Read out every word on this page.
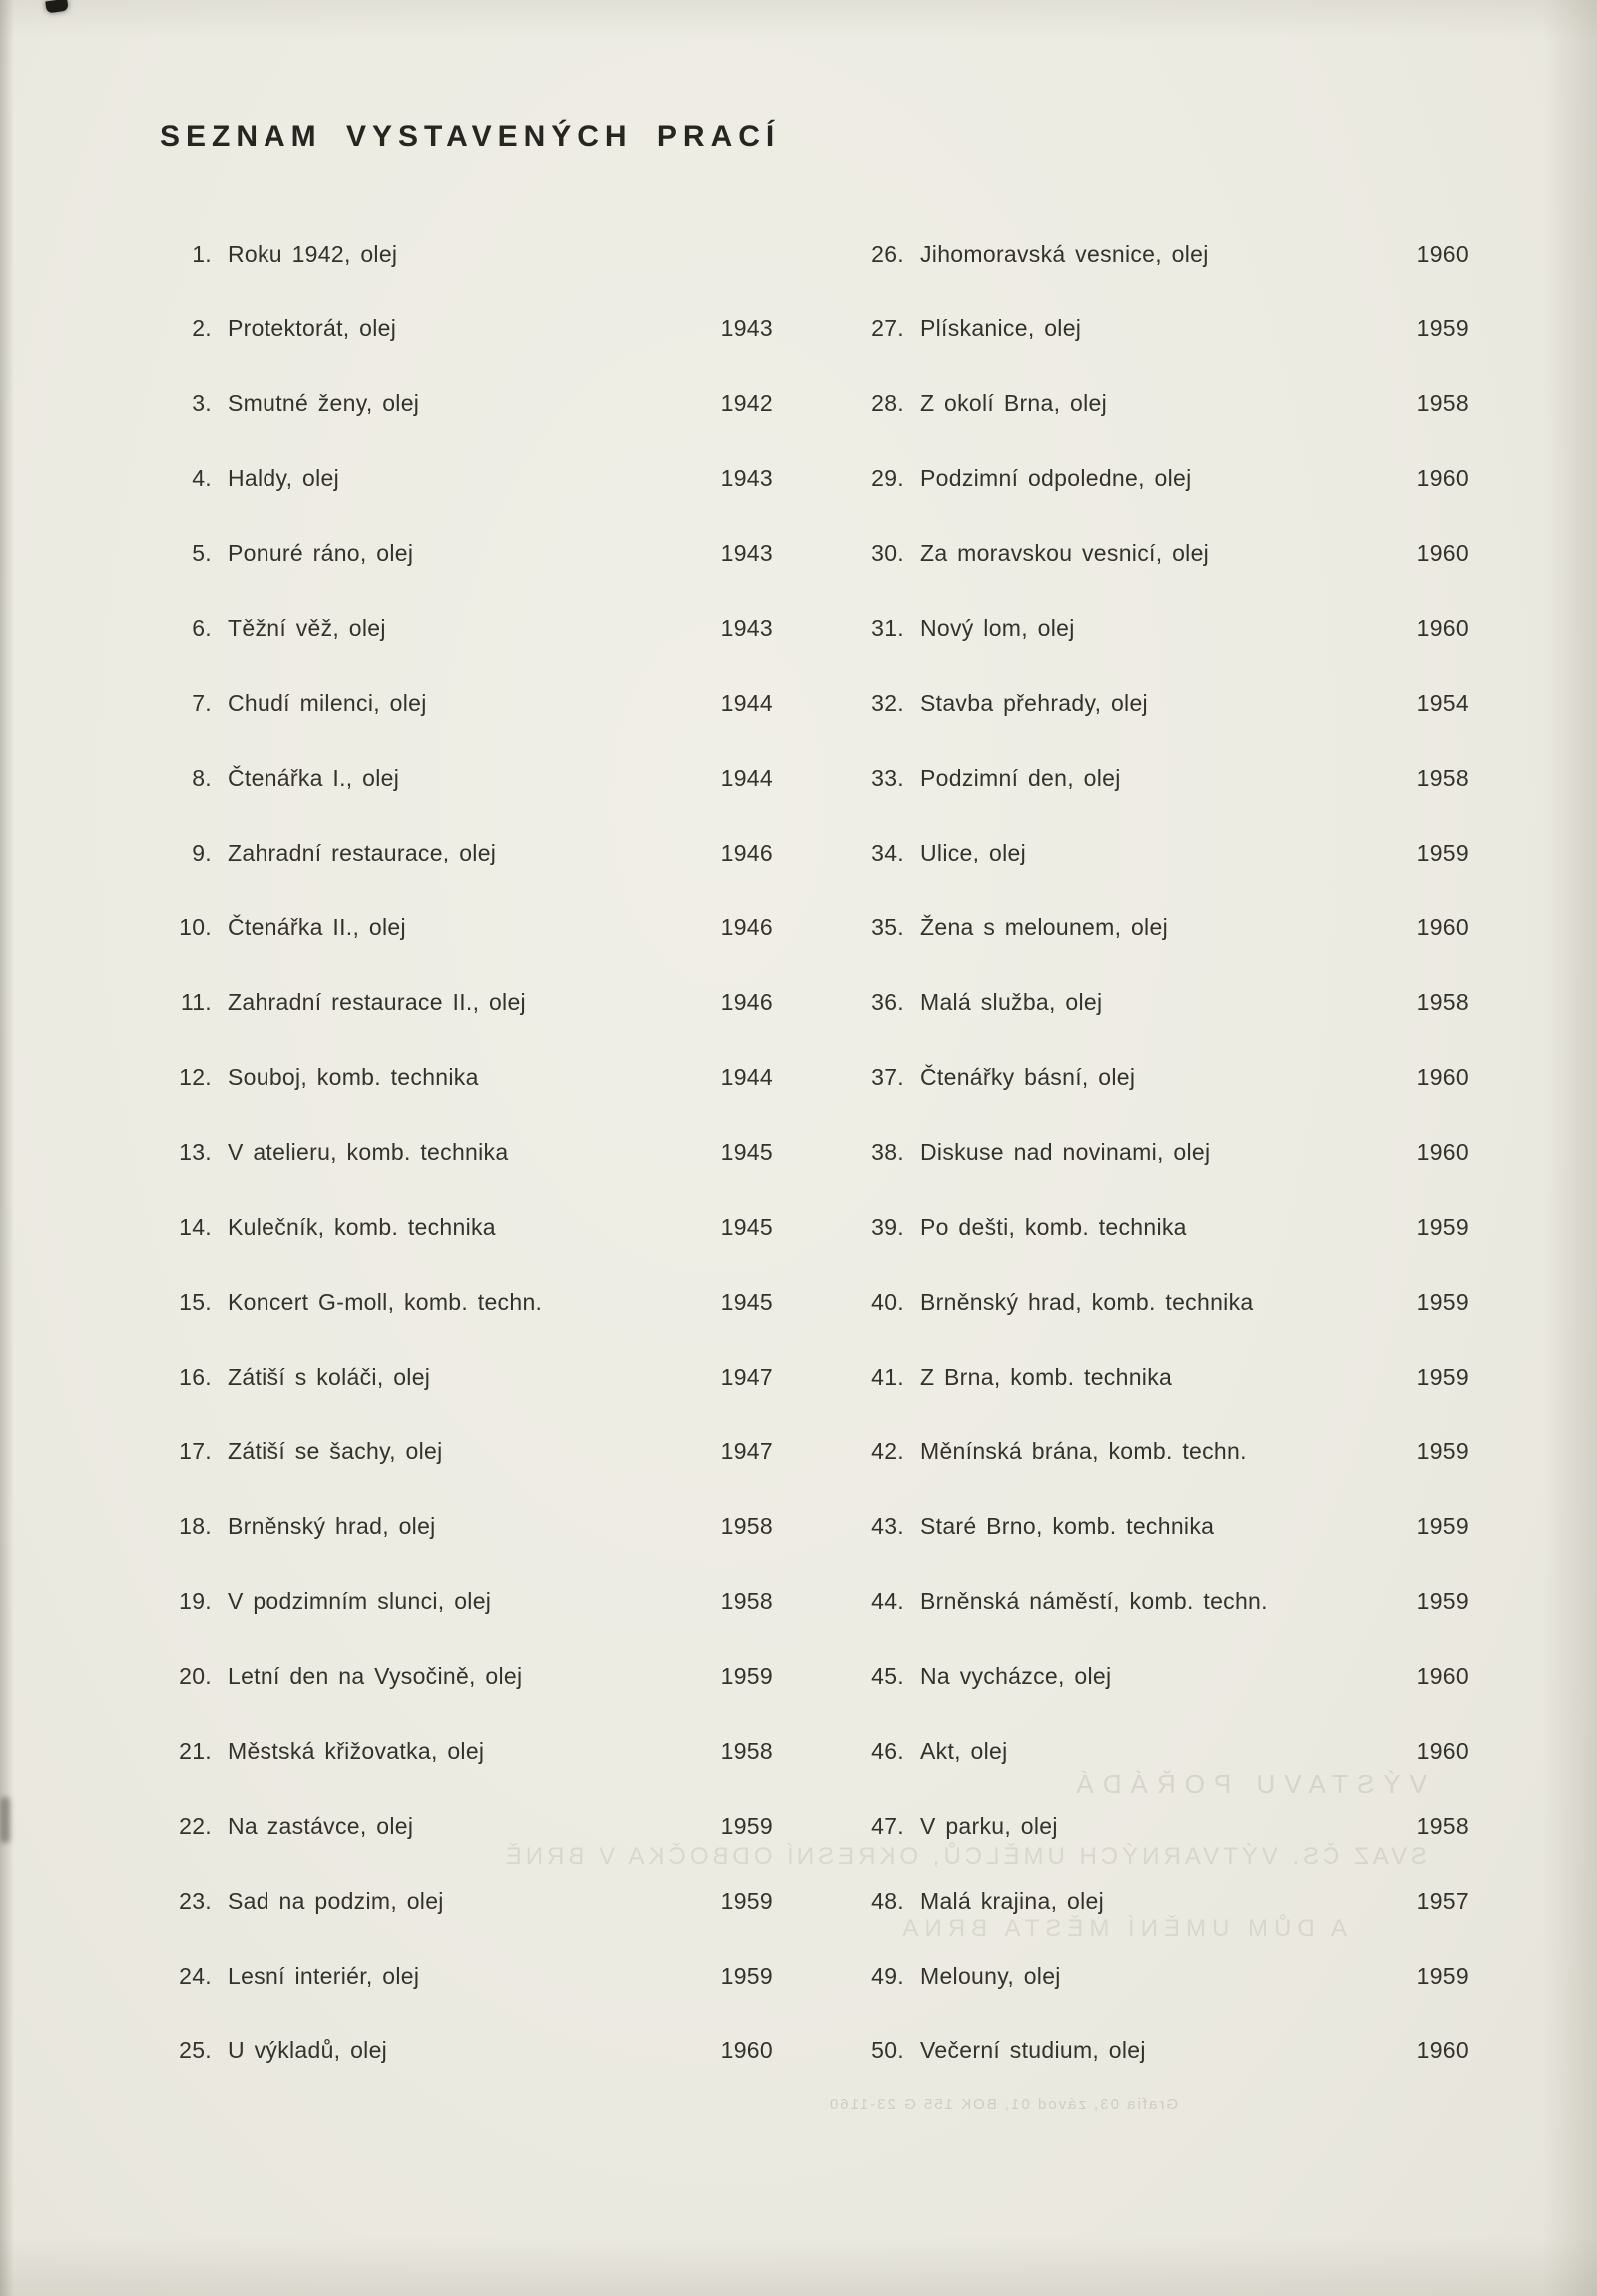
SEZNAM VYSTAVENÝCH PRACÍ
1. Roku 1942, olej
2. Protektorát, olej	1943
3. Smutné ženy, olej	1942
4. Haldy, olej	1943
5. Ponuré ráno, olej	1943
6. Těžní věž, olej	1943
7. Chudí milenci, olej	1944
8. Čtenářka I., olej	1944
9. Zahradní restaurace, olej	1946
10. Čtenářka II., olej	1946
11. Zahradní restaurace II., olej	1946
12. Souboj, komb. technika	1944
13. V atelieru, komb. technika	1945
14. Kulečník, komb. technika	1945
15. Koncert G-moll, komb. techn.	1945
16. Zátiší s koláči, olej	1947
17. Zátiší se šachy, olej	1947
18. Brněnský hrad, olej	1958
19. V podzimním slunci, olej	1958
20. Letní den na Vysočině, olej	1959
21. Městská křižovatka, olej	1958
22. Na zastávce, olej	1959
23. Sad na podzim, olej	1959
24. Lesní interiér, olej	1959
25. U výkladů, olej	1960
26. Jihomoravská vesnice, olej	1960
27. Plískanice, olej	1959
28. Z okolí Brna, olej	1958
29. Podzimní odpoledne, olej	1960
30. Za moravskou vesnicí, olej	1960
31. Nový lom, olej	1960
32. Stavba přehrady, olej	1954
33. Podzimní den, olej	1958
34. Ulice, olej	1959
35. Žena s melounem, olej	1960
36. Malá služba, olej	1958
37. Čtenářky básní, olej	1960
38. Diskuse nad novinami, olej	1960
39. Po dešti, komb. technika	1959
40. Brněnský hrad, komb. technika	1959
41. Z Brna, komb. technika	1959
42. Měnínská brána, komb. techn.	1959
43. Staré Brno, komb. technika	1959
44. Brněnská náměstí, komb. techn.	1959
45. Na vycházce, olej	1960
46. Akt, olej	1960
47. V parku, olej	1958
48. Malá krajina, olej	1957
49. Melouny, olej	1959
50. Večerní studium, olej	1960
VÝSTAVU POŘÁDÁ
SVAZ ČS. VÝTVARNÝCH UMĚLCŮ, OKRESNÍ ODBOČKA V BRNĚ
A DŮM UMĚNÍ MĚSTA BRNA
Grafia 03, závod 01, BOK 155 G 23-1160
